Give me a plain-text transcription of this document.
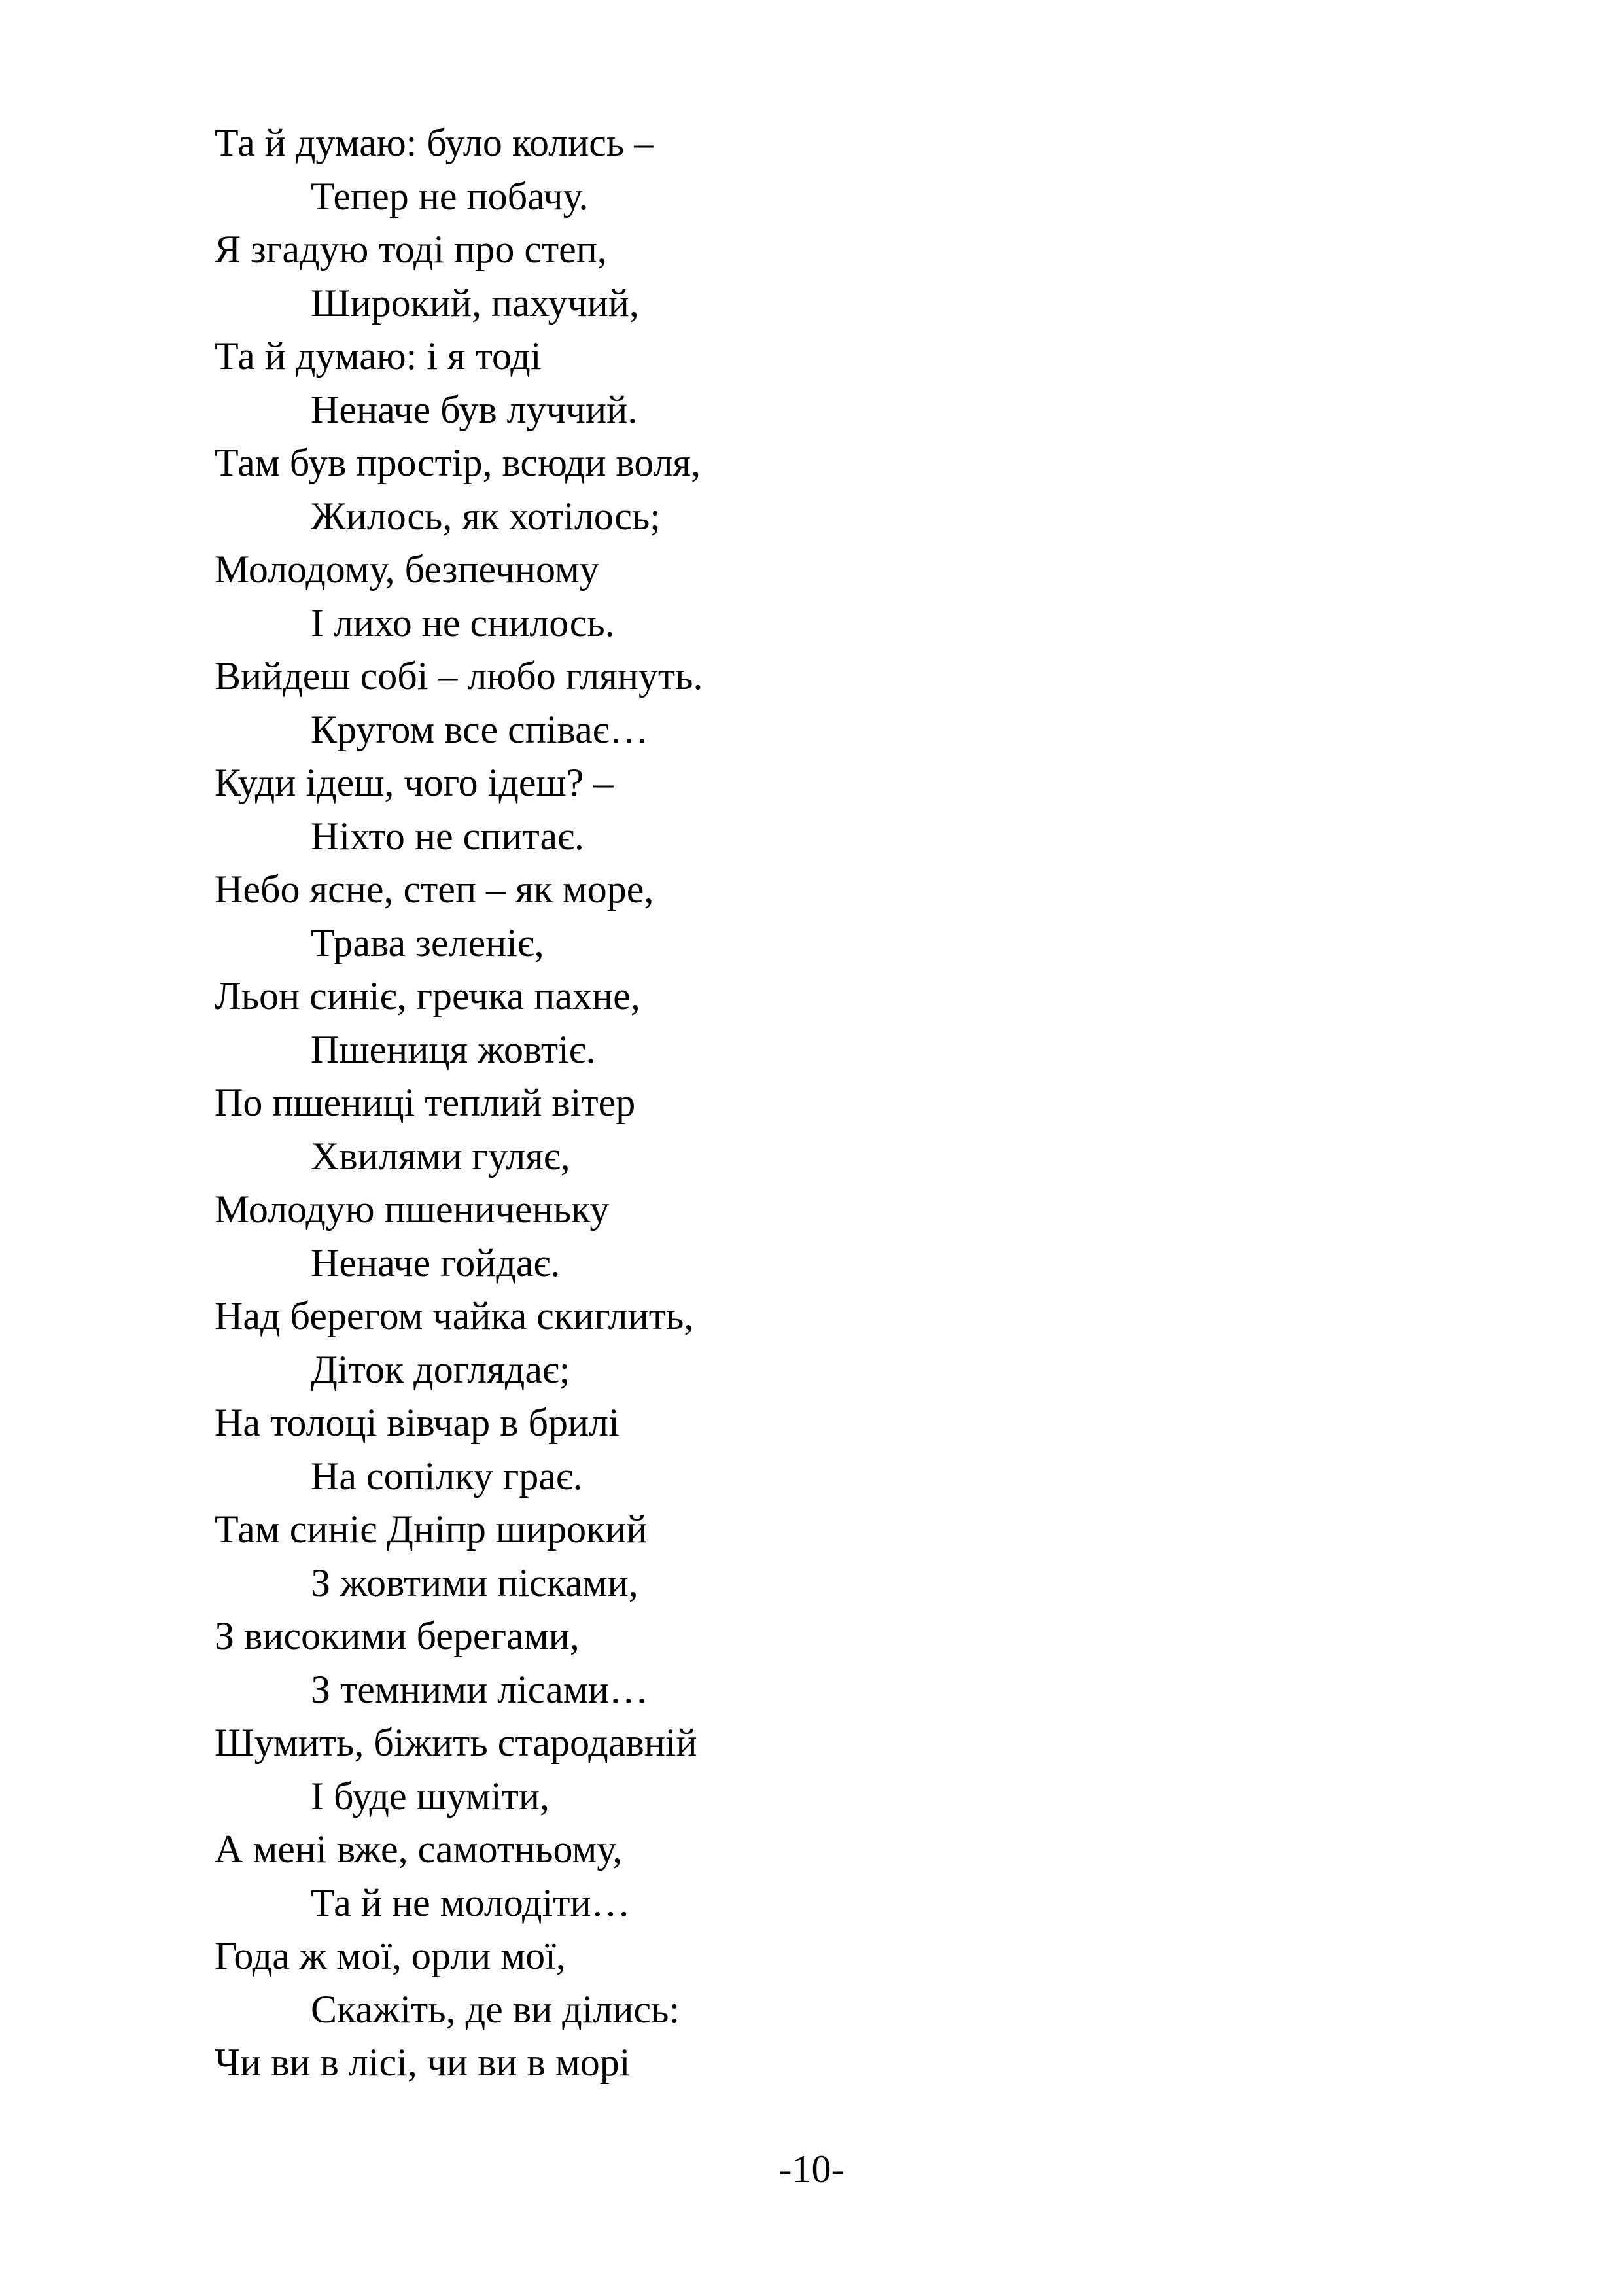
Та й думаю: було колись –
Тепер не побачу.
Я згадую тоді про степ,
Широкий, пахучий,
Та й думаю: і я тоді
Неначе був луччий.
Там був простір, всюди воля,
Жилось, як хотілось;
Молодому, безпечному
І лихо не снилось.
Вийдеш собі – любо глянуть.
Кругом все співає…
Куди ідеш, чого ідеш? –
Ніхто не спитає.
Небо ясне, степ – як море,
Трава зеленіє,
Льон синіє, гречка пахне,
Пшениця жовтіє.
По пшениці теплий вітер
Хвилями гуляє,
Молодую пшениченьку
Неначе гойдає.
Над берегом чайка скиглить,
Діток доглядає;
На толоці вівчар в брилі
На сопілку грає.
Там синіє Дніпр широкий
З жовтими пісками,
З високими берегами,
З темними лісами…
Шумить, біжить стародавній
І буде шуміти,
А мені вже, самотньому,
Та й не молодіти…
Года ж мої, орли мої,
Скажіть, де ви ділись:
Чи ви в лісі, чи ви в морі
-10-
